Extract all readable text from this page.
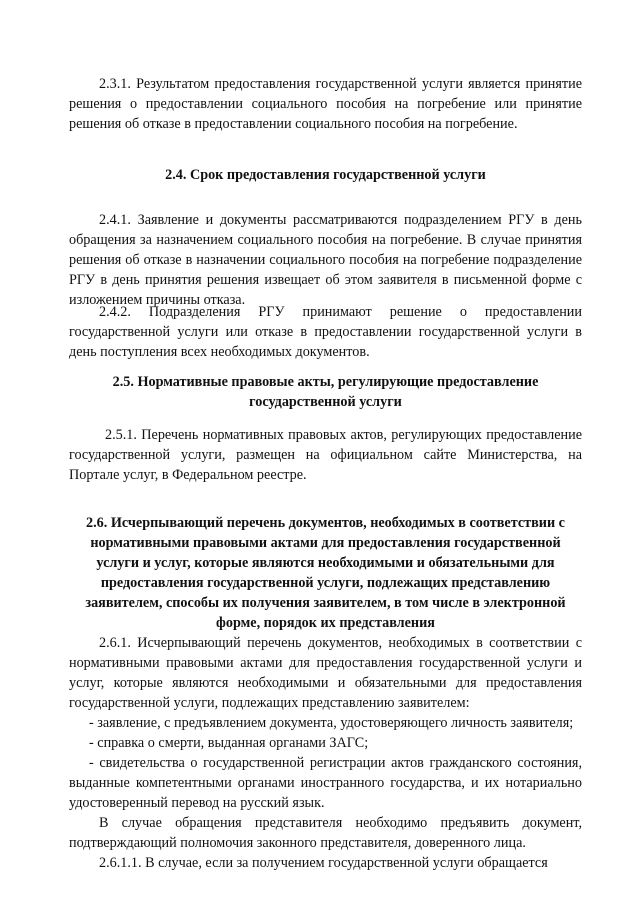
2.3.1. Результатом предоставления государственной услуги является принятие решения о предоставлении социального пособия на погребение или принятие решения об отказе в предоставлении социального пособия на погребение.

2.4. Срок предоставления государственной услуги

2.4.1. Заявление и документы рассматриваются подразделением РГУ в день обращения за назначением социального пособия на погребение. В случае принятия решения об отказе в назначении социального пособия на погребение подразделение РГУ в день принятия решения извещает об этом заявителя в письменной форме с изложением причины отказа.

2.4.2. Подразделения РГУ принимают решение о предоставлении государственной услуги или отказе в предоставлении государственной услуги в день поступления всех необходимых документов.

2.5. Нормативные правовые акты, регулирующие предоставление

государственной услуги

2.5.1. Перечень нормативных правовых актов, регулирующих предоставление государственной услуги, размещен на официальном сайте Министерства, на Портале услуг, в Федеральном реестре.

2.6. Исчерпывающий перечень документов, необходимых в соответствии с нормативными правовыми актами для предоставления государственной услуги и услуг, которые являются необходимыми и обязательными для предоставления государственной услуги, подлежащих представлению заявителем, способы их получения заявителем, в том числе в электронной форме, порядок их представления

2.6.1. Исчерпывающий перечень документов, необходимых в соответствии с нормативными правовыми актами для предоставления государственной услуги и услуг, которые являются необходимыми и обязательными для предоставления государственной услуги, подлежащих представлению заявителем:

- заявление, с предъявлением документа, удостоверяющего личность заявителя;

- справка о смерти, выданная органами ЗАГС;

- свидетельства о государственной регистрации актов гражданского состояния, выданные компетентными органами иностранного государства, и их нотариально удостоверенный перевод на русский язык.

В случае обращения представителя необходимо предъявить документ, подтверждающий полномочия законного представителя, доверенного лица.

2.6.1.1. В случае, если за получением государственной услуги обращается
